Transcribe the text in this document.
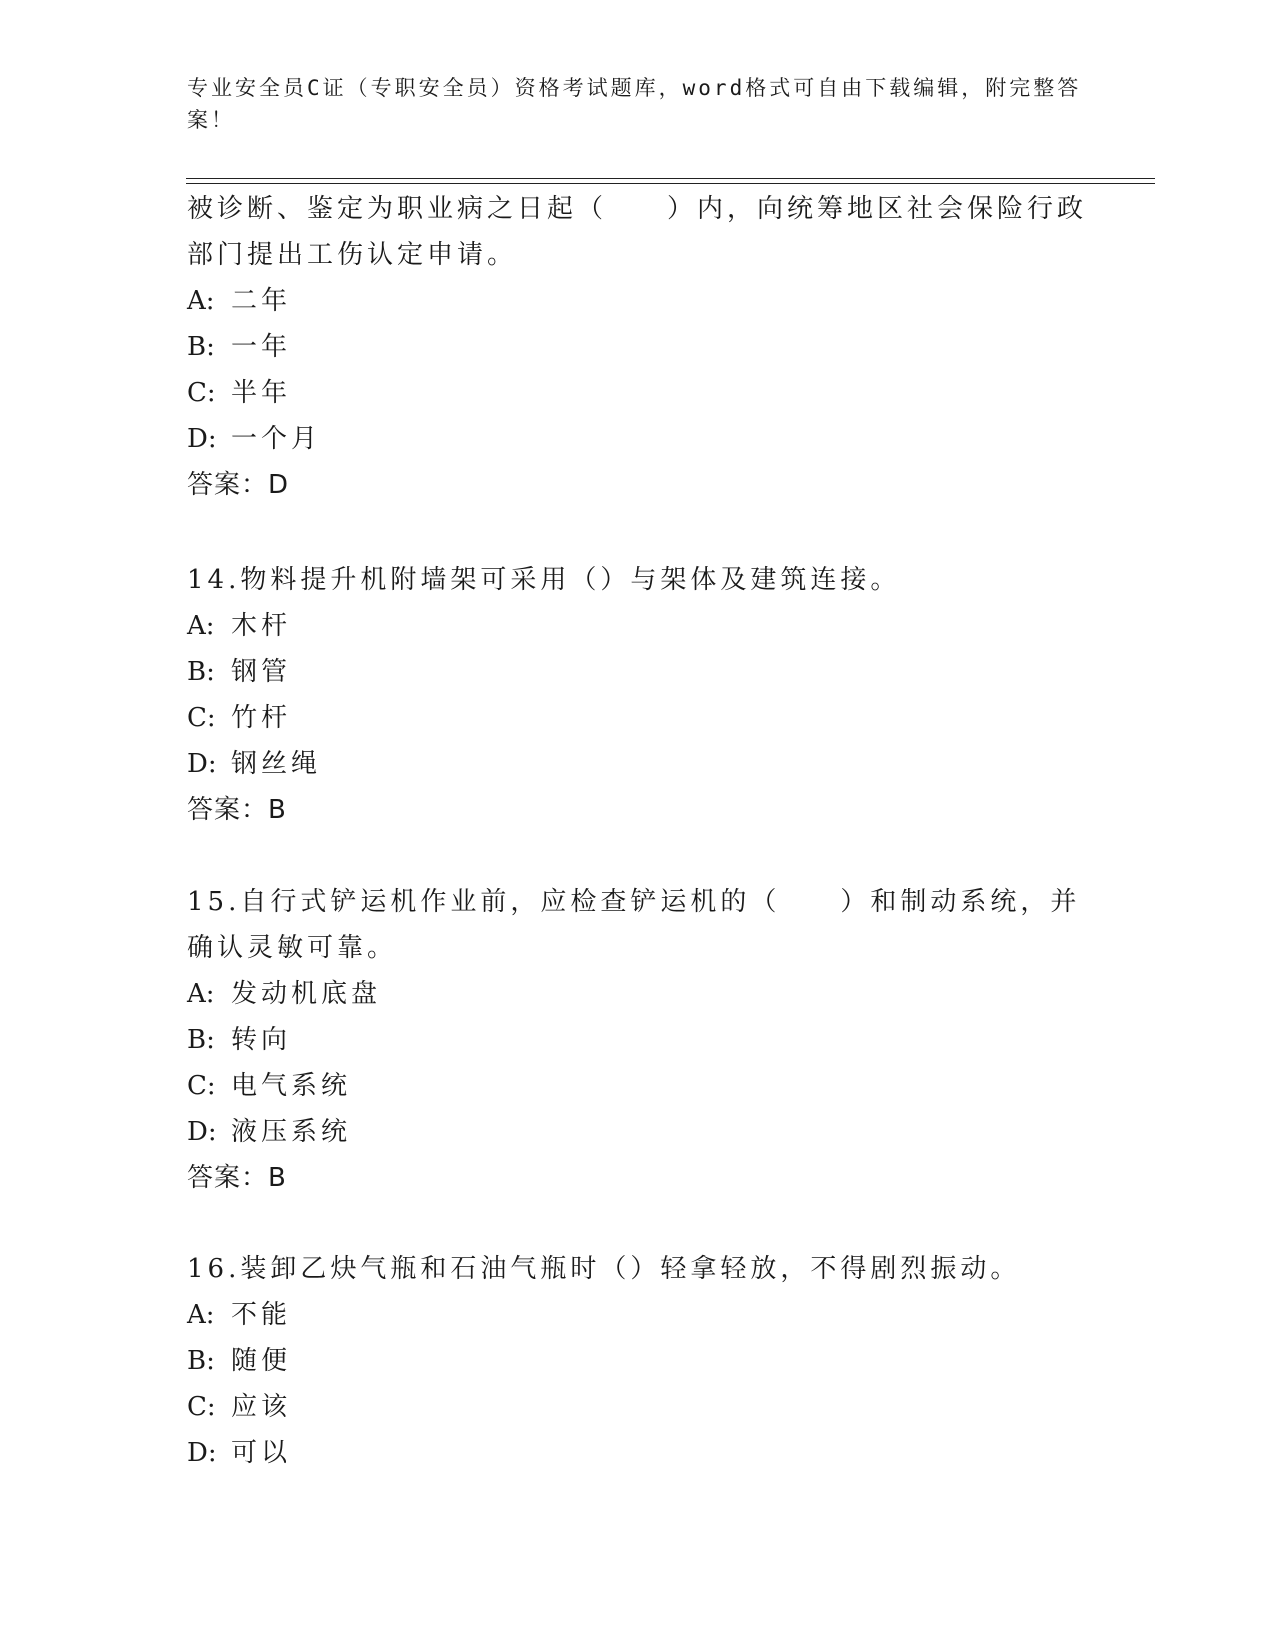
专业安全员C证（专职安全员）资格考试题库，word格式可自由下载编辑，附完整答案！

被诊断、鉴定为职业病之日起（　　）内，向统筹地区社会保险行政部门提出工伤认定申请。

A: 二年
B: 一年
C: 半年
D: 一个月
答案：D

14.物料提升机附墙架可采用（）与架体及建筑连接。

A: 木杆
B: 钢管
C: 竹杆
D: 钢丝绳
答案：B

15.自行式铲运机作业前，应检查铲运机的（　　）和制动系统，并确认灵敏可靠。

A: 发动机底盘
B: 转向
C: 电气系统
D: 液压系统
答案：B

16.装卸乙炔气瓶和石油气瓶时（）轻拿轻放，不得剧烈振动。

A: 不能
B: 随便
C: 应该
D: 可以
